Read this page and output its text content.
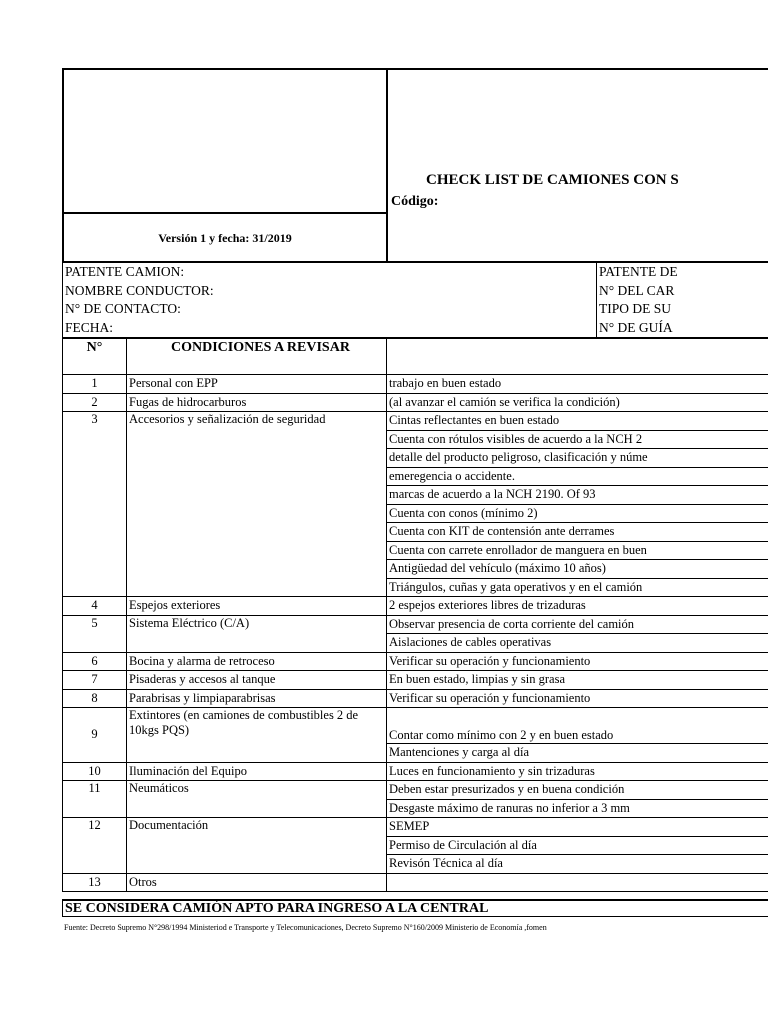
Versión 1 y fecha: 31/2019
CHECK LIST DE CAMIONES CON S
Código:
PATENTE CAMION:
NOMBRE CONDUCTOR:
N° DE CONTACTO:
FECHA:
PATENTE DE
N° DEL CAR
TIPO DE SU
N° DE GUÍA
N°	CONDICIONES A REVISAR	
1	Personal con EPP	trabajo en buen estado
2	Fugas de hidrocarburos	(al avanzar el camión se verifica la condición)
3	Accesorios y señalización de seguridad	Cintas reflectantes en buen estado
		Cuenta con rótulos visibles de acuerdo a la NCH 2
		detalle del producto peligroso, clasificación y núme
		emeregencia o accidente.
		marcas de acuerdo a la NCH 2190. Of 93
		Cuenta con conos (mínimo 2)
		Cuenta con KIT de contensión ante derrames
		Cuenta con carrete enrollador de manguera en buen
		Antigüedad del vehículo (máximo 10 años)
		Triángulos, cuñas y gata operativos y en el camión
4	Espejos exteriores	2 espejos exteriores libres de trizaduras
5	Sistema Eléctrico (C/A)	Observar presencia de corta corriente del camión
		Aislaciones de cables operativas
6	Bocina y alarma de retroceso	Verificar su operación y funcionamiento
7	Pisaderas y accesos al tanque	En buen estado, limpias y sin grasa
8	Parabrisas y limpiaparabrisas	Verificar su operación y funcionamiento
9	Extintores (en camiones de combustibles 2 de 10kgs PQS)	Contar como mínimo con 2 y en buen estado
		Mantenciones y carga al día
10	Iluminación del Equipo	Luces en funcionamiento y sin trizaduras
11	Neumáticos	Deben estar presurizados y en buena condición
		Desgaste máximo de ranuras no inferior a 3 mm
12	Documentación	SEMEP
		Permiso de Circulación al día
		Revisón Técnica al día
13	Otros	
SE CONSIDERA CAMIÓN APTO PARA INGRESO A LA CENTRAL
Fuente: Decreto Supremo N°298/1994 Ministeriod e Transporte y Telecomunicaciones, Decreto Supremo N°160/2009 Ministerio de Economía ,fomen
